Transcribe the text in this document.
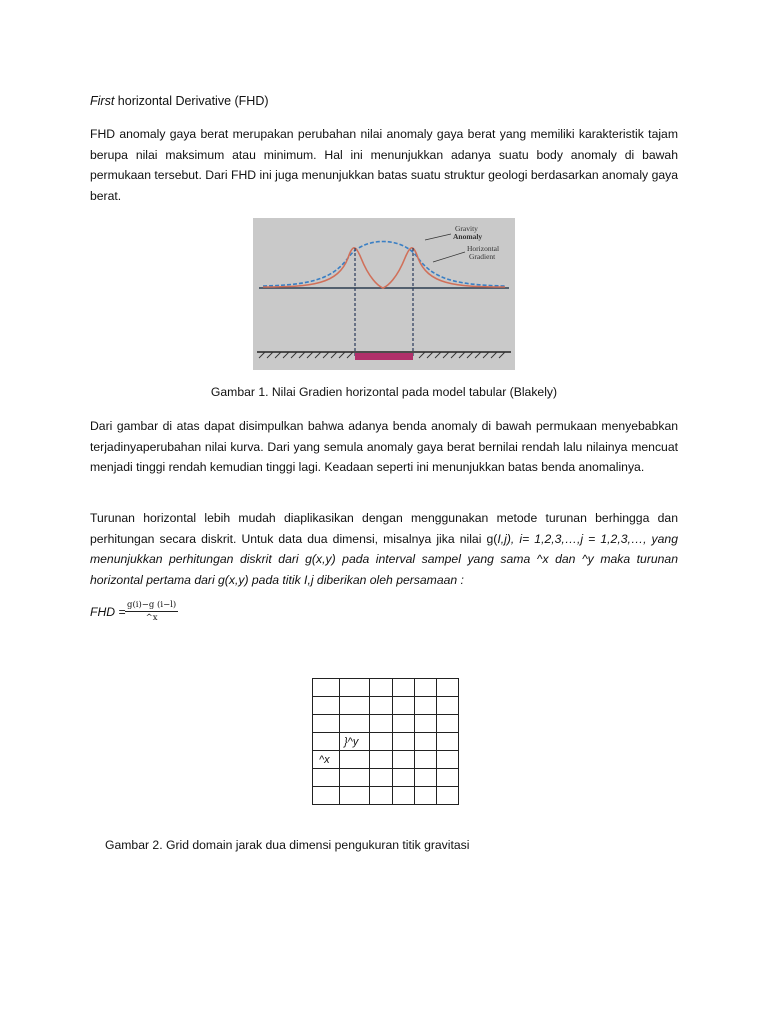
First horizontal Derivative (FHD)

FHD anomaly gaya berat merupakan perubahan nilai anomaly gaya berat yang memiliki karakteristik tajam berupa nilai maksimum atau minimum. Hal ini menunjukkan adanya suatu body anomaly di bawah permukaan tersebut. Dari FHD ini juga menunjukkan batas suatu struktur geologi berdasarkan anomaly gaya berat.

Dari gambar di atas dapat disimpulkan bahwa adanya benda anomaly di bawah permukaan menyebabkan terjadinyaperubahan nilai kurva. Dari yang semula anomaly gaya berat bernilai rendah lalu nilainya mencuat menjadi tinggi rendah kemudian tinggi lagi. Keadaan seperti ini menunjukkan batas benda anomalinya.

Turunan horizontal lebih mudah diaplikasikan dengan menggunakan metode turunan berhingga dan perhitungan secara diskrit. Untuk data dua dimensi, misalnya jika nilai g(I,j), i= 1,2,3,…,j = 1,2,3,…, yang menunjukkan perhitungan diskrit dari g(x,y) pada interval sampel yang sama ^x dan ^y maka turunan horizontal pertama dari g(x,y) pada titik I,j diberikan oleh persamaan :

Gambar 1. Nilai Gradien horizontal pada model tabular (Blakely)
FHD = $\frac{g(i)-g (i-l)}{\^{}x}$
Gambar 2. Grid domain jarak dua dimensi pengukuran titik gravitasi
Gravity
Anomaly
Horizontal
Gradient

	}^y				
^x					
